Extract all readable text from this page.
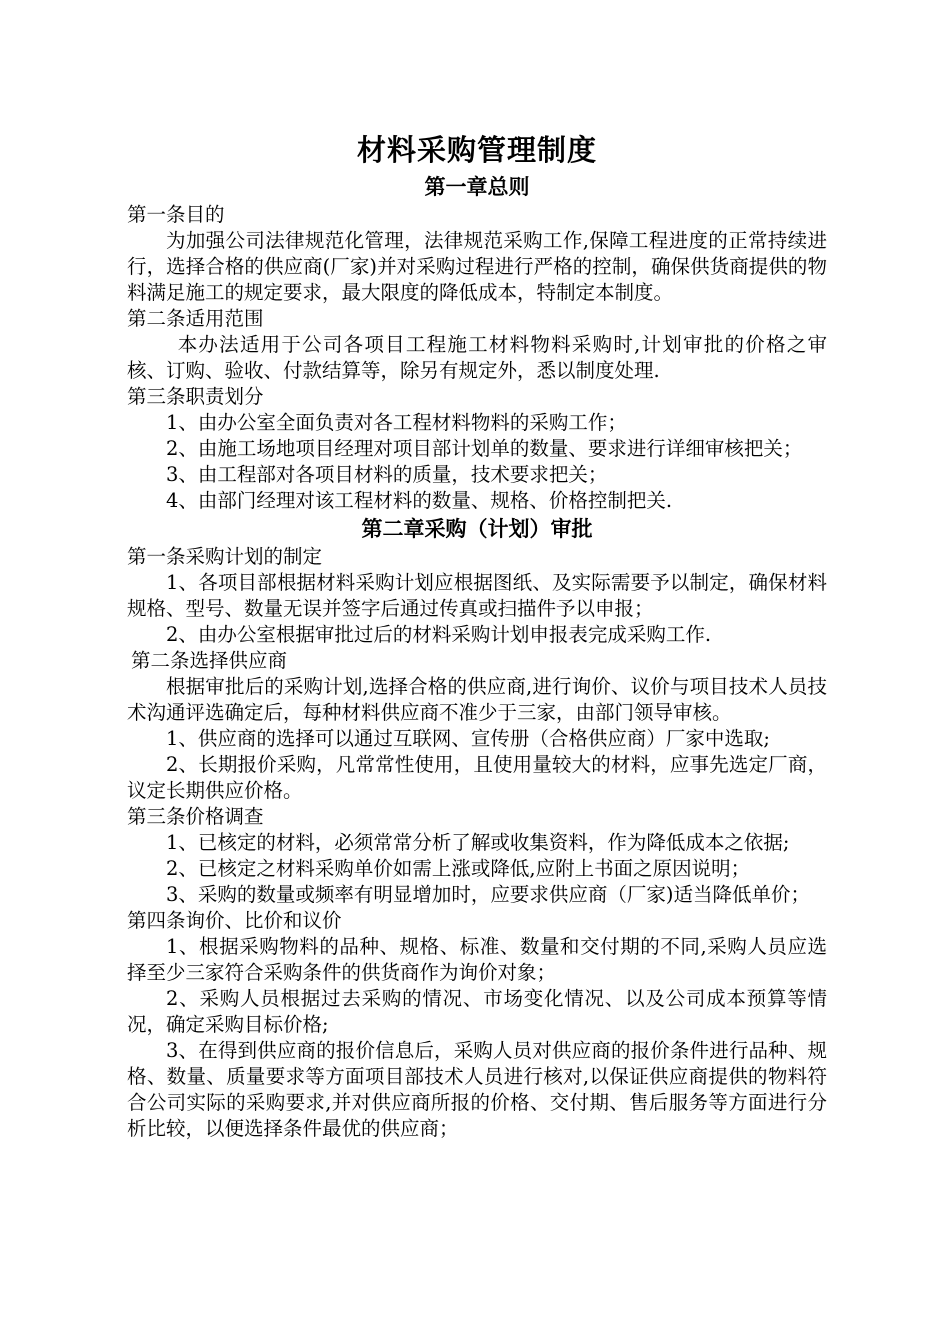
材料采购管理制度
第一章总则

第一条目的

为加强公司法律规范化管理，法律规范采购工作,保障工程进度的正常持续进行，选择合格的供应商(厂家)并对采购过程进行严格的控制，确保供货商提供的物料满足施工的规定要求，最大限度的降低成本，特制定本制度。

第二条适用范围

本办法适用于公司各项目工程施工材料物料采购时,计划审批的价格之审核、订购、验收、付款结算等，除另有规定外，悉以制度处理.

第三条职责划分

1、由办公室全面负责对各工程材料物料的采购工作；

2、由施工场地项目经理对项目部计划单的数量、要求进行详细审核把关；

3、由工程部对各项目材料的质量，技术要求把关；

4、由部门经理对该工程材料的数量、规格、价格控制把关.

第二章采购（计划）审批

第一条采购计划的制定

1、各项目部根据材料采购计划应根据图纸、及实际需要予以制定，确保材料规格、型号、数量无误并签字后通过传真或扫描件予以申报；

2、由办公室根据审批过后的材料采购计划申报表完成采购工作.

第二条选择供应商

根据审批后的采购计划,选择合格的供应商,进行询价、议价与项目技术人员技术沟通评选确定后，每种材料供应商不准少于三家，由部门领导审核。

1、供应商的选择可以通过互联网、宣传册（合格供应商）厂家中选取;

2、长期报价采购，凡常常性使用，且使用量较大的材料，应事先选定厂商，议定长期供应价格。

第三条价格调查

1、已核定的材料，必须常常分析了解或收集资料，作为降低成本之依据;

2、已核定之材料采购单价如需上涨或降低,应附上书面之原因说明；

3、采购的数量或频率有明显增加时，应要求供应商（厂家)适当降低单价；

第四条询价、比价和议价

1、根据采购物料的品种、规格、标准、数量和交付期的不同,采购人员应选择至少三家符合采购条件的供货商作为询价对象；

2、采购人员根据过去采购的情况、市场变化情况、以及公司成本预算等情况，确定采购目标价格;

3、在得到供应商的报价信息后，采购人员对供应商的报价条件进行品种、规格、数量、质量要求等方面项目部技术人员进行核对,以保证供应商提供的物料符合公司实际的采购要求,并对供应商所报的价格、交付期、售后服务等方面进行分析比较，以便选择条件最优的供应商；
